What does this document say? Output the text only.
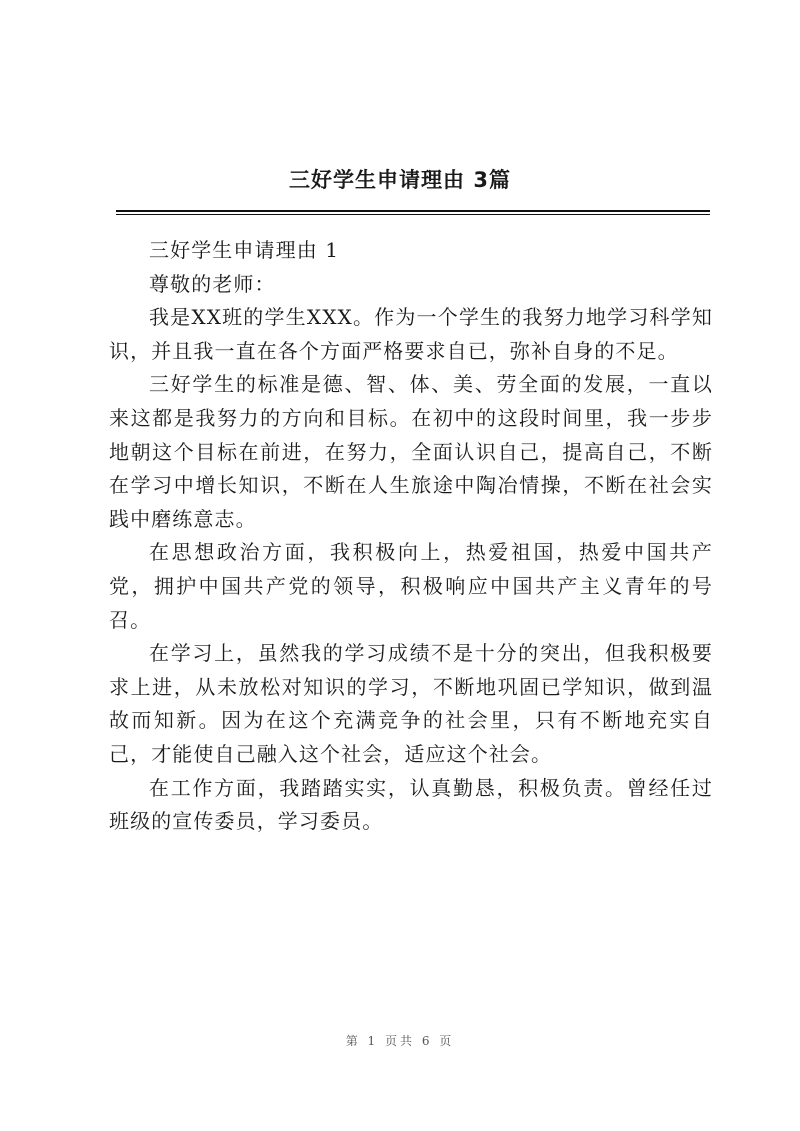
三好学生申请理由 3篇

三好学生申请理由 1

尊敬的老师：

我是XX班的学生XXX。作为一个学生的我努力地学习科学知识，并且我一直在各个方面严格要求自已，弥补自身的不足。

三好学生的标准是德、智、体、美、劳全面的发展，一直以来这都是我努力的方向和目标。在初中的这段时间里，我一步步地朝这个目标在前进，在努力，全面认识自己，提高自己，不断在学习中增长知识，不断在人生旅途中陶冶情操，不断在社会实践中磨练意志。

在思想政治方面，我积极向上，热爱祖国，热爱中国共产党，拥护中国共产党的领导，积极响应中国共产主义青年的号召。

在学习上，虽然我的学习成绩不是十分的突出，但我积极要求上进，从未放松对知识的学习，不断地巩固已学知识，做到温故而知新。因为在这个充满竞争的社会里，只有不断地充实自己，才能使自己融入这个社会，适应这个社会。

在工作方面，我踏踏实实，认真勤恳，积极负责。曾经任过班级的宣传委员，学习委员。

第 1 页共 6 页
